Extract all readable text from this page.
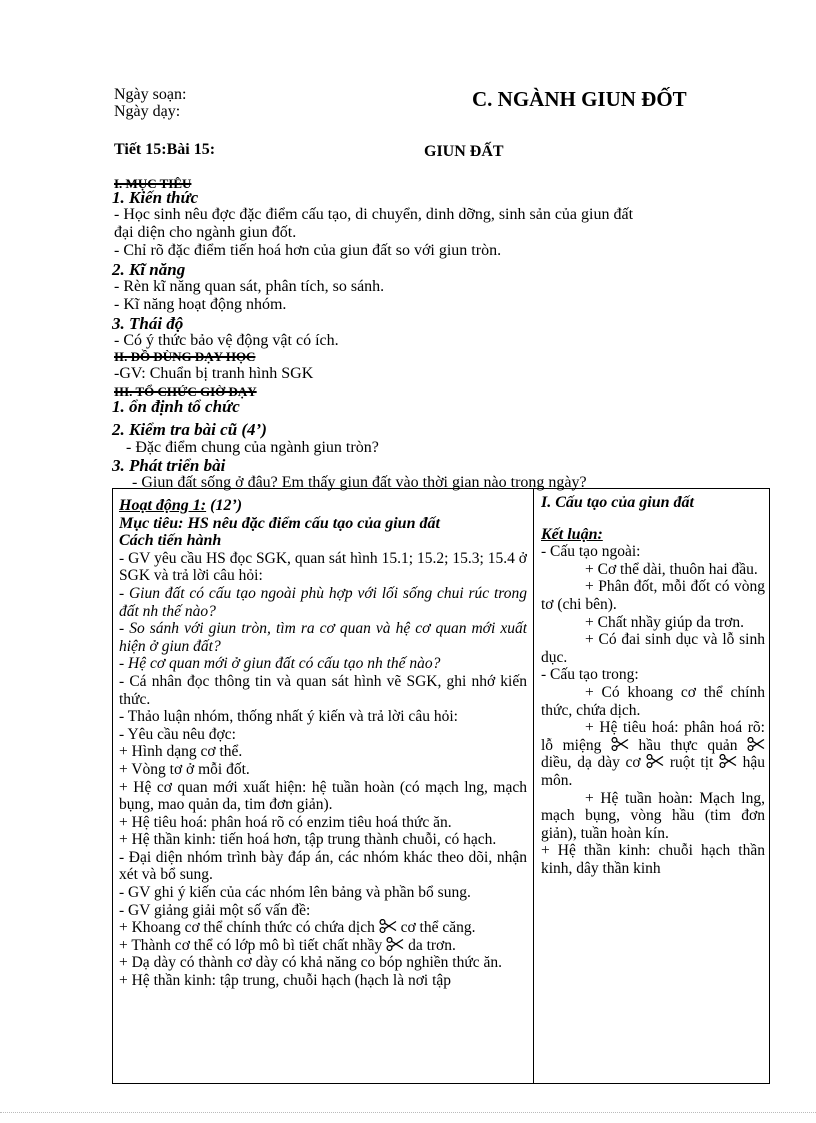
Ngày soạn:
Ngày dạy:
C. NGÀNH GIUN ĐỐT
Tiết 15:Bài 15:	GIUN ĐẤT
I. MỤC TIÊU
1. Kiến thức
- Học sinh nêu đợc đặc điểm cấu tạo, di chuyển, dinh dỡng, sinh sản của giun đất
đại diện cho ngành giun đốt.
- Chỉ rõ đặc điểm tiến hoá hơn của giun đất so với giun tròn.
2. Kĩ năng
- Rèn kĩ năng quan sát, phân tích, so sánh.
- Kĩ năng hoạt động nhóm.
3. Thái độ
- Có ý thức bảo vệ động vật có ích.
II. ĐỒ DÙNG DẠY HỌC
-GV: Chuẩn bị tranh hình SGK
III. TỔ CHỨC GIỜ DẠY
1. ổn định tổ chức
2. Kiểm tra bài cũ (4’)
- Đặc điểm chung của ngành giun tròn?
3. Phát triển bài
- Giun đất sống ở đâu? Em thấy giun đất vào thời gian nào trong ngày?

Hoạt động 1: (12’)

Mục tiêu: HS nêu đặc điểm cấu tạo của giun đất

Cách tiến hành

- GV yêu cầu HS đọc SGK, quan sát hình 15.1; 15.2; 15.3; 15.4 ở SGK và trả lời câu hỏi:

- Giun đất có cấu tạo ngoài phù hợp với lối sống chui rúc trong đất nh thế nào?

- So sánh với giun tròn, tìm ra cơ quan và hệ cơ quan mới xuất hiện ở giun đất?

- Hệ cơ quan mới ở giun đất có cấu tạo nh thế nào?

- Cá nhân đọc thông tin và quan sát hình vẽ SGK, ghi nhớ kiến thức.

- Thảo luận nhóm, thống nhất ý kiến và trả lời câu hỏi:

- Yêu cầu nêu đợc:

+ Hình dạng cơ thể.

+ Vòng tơ ở mỗi đốt.

+ Hệ cơ quan mới xuất hiện: hệ tuần hoàn (có mạch lng, mạch bụng, mao quản da, tim đơn giản).

+ Hệ tiêu hoá: phân hoá rõ có enzim tiêu hoá thức ăn.

+ Hệ thần kinh: tiến hoá hơn, tập trung thành chuỗi, có hạch.

- Đại diện nhóm trình bày đáp án, các nhóm khác theo dõi, nhận xét và bổ sung.

- GV ghi ý kiến của các nhóm lên bảng và phần bổ sung.

- GV giảng giải một số vấn đề:

+ Khoang cơ thể chính thức có chứa dịch cơ thể căng.

+ Thành cơ thể có lớp mô bì tiết chất nhầy da trơn.

+ Dạ dày có thành cơ dày có khả năng co bóp nghiền thức ăn.

+ Hệ thần kinh: tập trung, chuỗi hạch (hạch là nơi tập

I. Cấu tạo của giun đất

Kết luận:

- Cấu tạo ngoài:

+ Cơ thể dài, thuôn hai đầu.

+ Phân đốt, mỗi đốt có vòng tơ (chi bên).

+ Chất nhầy giúp da trơn.

+ Có đai sinh dục và lỗ sinh dục.

- Cấu tạo trong:

+ Có khoang cơ thể chính thức, chứa dịch.

+ Hệ tiêu hoá: phân hoá rõ: lỗ miệng hầu thực quản  diều, dạ dày cơ ruột tịt hậu môn.

+ Hệ tuần hoàn: Mạch lng, mạch bụng, vòng hầu (tim đơn giản), tuần hoàn kín.

+ Hệ thần kinh: chuỗi hạch thần kinh, dây thần kinh
